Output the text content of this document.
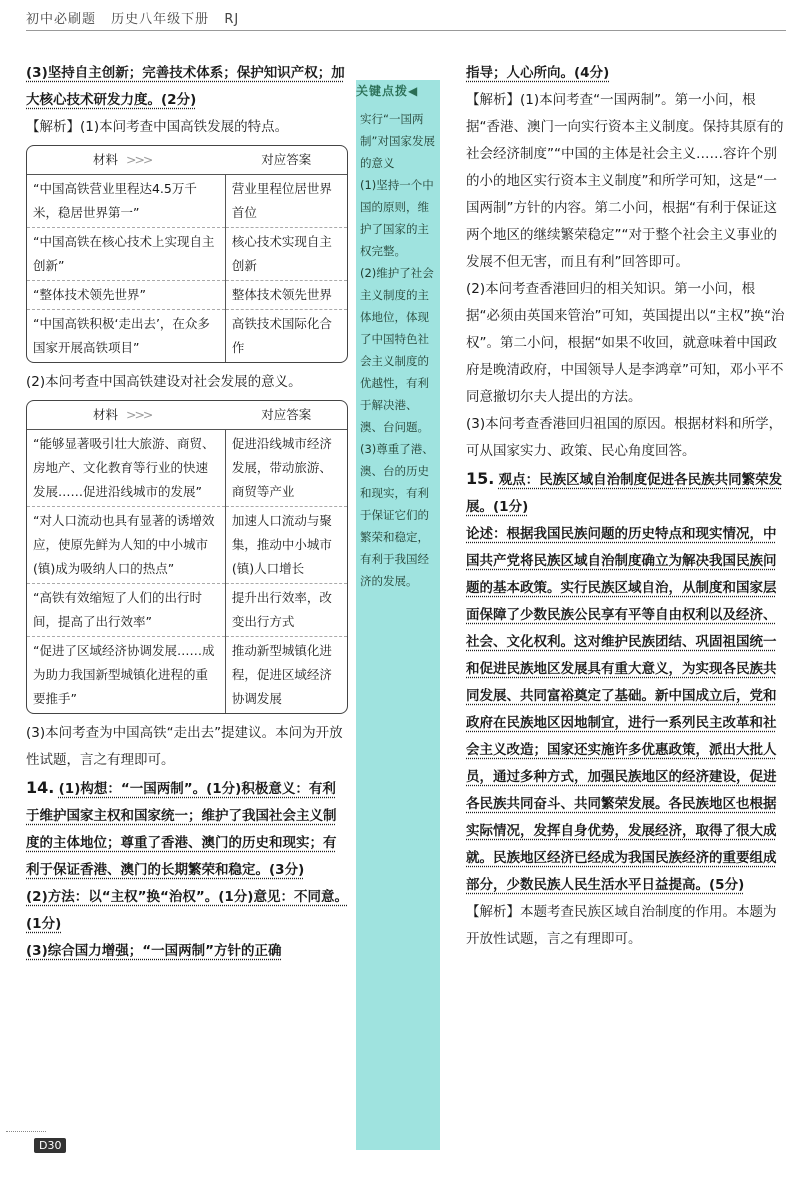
初中必刷题 历史八年级下册 RJ

(3)坚持自主创新；完善技术体系；保护知识产权；加大核心技术研发力度。(2分)

【解析】(1)本问考查中国高铁发展的特点。

材料 >>>	对应答案
“中国高铁营业里程达4.5万千米，稳居世界第一”	营业里程位居世界首位
“中国高铁在核心技术上实现自主创新”	核心技术实现自主创新
“整体技术领先世界”	整体技术领先世界
“中国高铁积极‘走出去’，在众多国家开展高铁项目”	高铁技术国际化合作

(2)本问考查中国高铁建设对社会发展的意义。

材料 >>>	对应答案
“能够显著吸引壮大旅游、商贸、房地产、文化教育等行业的快速发展……促进沿线城市的发展”	促进沿线城市经济发展，带动旅游、商贸等产业
“对人口流动也具有显著的诱增效应，使原先鲜为人知的中小城市(镇)成为吸纳人口的热点”	加速人口流动与聚集，推动中小城市(镇)人口增长
“高铁有效缩短了人们的出行时间，提高了出行效率”	提升出行效率，改变出行方式
“促进了区域经济协调发展……成为助力我国新型城镇化进程的重要推手”	推动新型城镇化进程，促进区域经济协调发展

(3)本问考查为中国高铁“走出去”提建议。本问为开放性试题，言之有理即可。

14. (1)构想：“一国两制”。(1分)积极意义：有利于维护国家主权和国家统一；维护了我国社会主义制度的主体地位；尊重了香港、澳门的历史和现实；有利于保证香港、澳门的长期繁荣和稳定。(3分)

(2)方法：以“主权”换“治权”。(1分)意见：不同意。(1分)

(3)综合国力增强；“一国两制”方针的正确

关键点拨◀

实行“一国两制”对国家发展的意义

(1)坚持一个中国的原则，维护了国家的主权完整。

(2)维护了社会主义制度的主体地位，体现了中国特色社会主义制度的优越性，有利于解决港、澳、台问题。

(3)尊重了港、澳、台的历史和现实，有利于保证它们的繁荣和稳定，有利于我国经济的发展。

指导；人心所向。(4分)

【解析】(1)本问考查“一国两制”。第一小问，根据“香港、澳门一向实行资本主义制度。保持其原有的社会经济制度”“中国的主体是社会主义……容许个别的小的地区实行资本主义制度”和所学可知，这是“一国两制”方针的内容。第二小问，根据“有利于保证这两个地区的继续繁荣稳定”“对于整个社会主义事业的发展不但无害，而且有利”回答即可。

(2)本问考查香港回归的相关知识。第一小问，根据“必须由英国来管治”可知，英国提出以“主权”换“治权”。第二小问，根据“如果不收回，就意味着中国政府是晚清政府，中国领导人是李鸿章”可知，邓小平不同意撤切尔夫人提出的方法。

(3)本问考查香港回归祖国的原因。根据材料和所学，可从国家实力、政策、民心角度回答。

15. 观点：民族区域自治制度促进各民族共同繁荣发展。(1分)

论述：根据我国民族问题的历史特点和现实情况，中国共产党将民族区域自治制度确立为解决我国民族问题的基本政策。实行民族区域自治，从制度和国家层面保障了少数民族公民享有平等自由权利以及经济、社会、文化权利。这对维护民族团结、巩固祖国统一和促进民族地区发展具有重大意义，为实现各民族共同发展、共同富裕奠定了基础。新中国成立后，党和政府在民族地区因地制宜，进行一系列民主改革和社会主义改造；国家还实施许多优惠政策，派出大批人员，通过多种方式，加强民族地区的经济建设，促进各民族共同奋斗、共同繁荣发展。各民族地区也根据实际情况，发挥自身优势，发展经济，取得了很大成就。民族地区经济已经成为我国民族经济的重要组成部分，少数民族人民生活水平日益提高。(5分)

【解析】本题考查民族区域自治制度的作用。本题为开放性试题，言之有理即可。

D30
